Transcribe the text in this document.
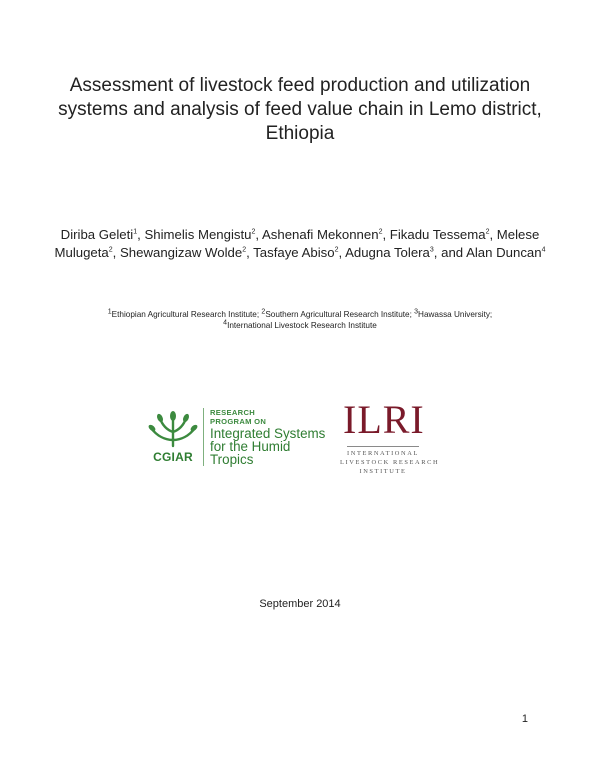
Assessment of livestock feed production and utilization
systems and analysis of feed value chain in Lemo district,
Ethiopia
Diriba Geleti$^1$, Shimelis Mengistu$^2$, Ashenafi Mekonnen$^2$, Fikadu Tessema$^2$, Melese Mulugeta$^2$, Shewangizaw Wolde$^2$, Tasfaye Abiso$^2$, Adugna Tolera$^3$, and Alan Duncan$^4$
$^1$Ethiopian Agricultural Research Institute; $^2$Southern Agricultural Research Institute; $^3$Hawassa University;
$^4$International Livestock Research Institute
CGIAR
RESEARCH
PROGRAM ON
Integrated Systems
for the Humid
Tropics
ILRI
INTERNATIONAL
LIVESTOCK RESEARCH
INSTITUTE
September 2014
1
